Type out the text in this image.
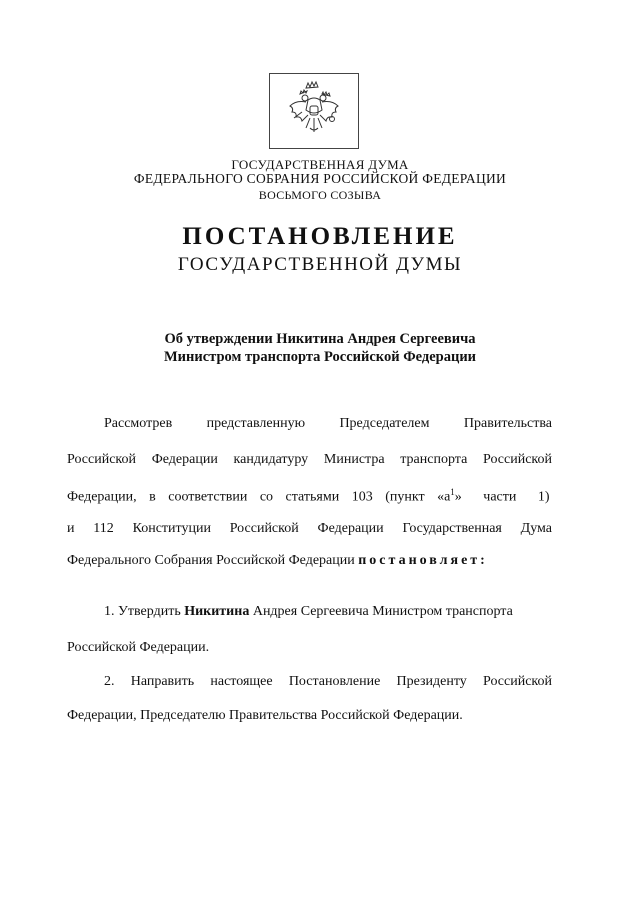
ГОСУДАРСТВЕННАЯ ДУМА
ФЕДЕРАЛЬНОГО СОБРАНИЯ РОССИЙСКОЙ ФЕДЕРАЦИИ
ВОСЬМОГО СОЗЫВА
ПОСТАНОВЛЕНИЕ
ГОСУДАРСТВЕННОЙ ДУМЫ
Об утверждении Никитина Андрея Сергеевича
Министром транспорта Российской Федерации
Рассмотрев представленную Председателем Правительства
Российской Федерации кандидатуру Министра транспорта Российской
Федерации, в соответствии со статьями 103 (пункт «$а^1$» части 1)
и 112 Конституции Российской Федерации Государственная Дума
Федерального Собрания Российской Федерации постановляет:
1. Утвердить Никитина Андрея Сергеевича Министром транспорта
Российской Федерации.
2. Направить настоящее Постановление Президенту Российской
Федерации, Председателю Правительства Российской Федерации.
